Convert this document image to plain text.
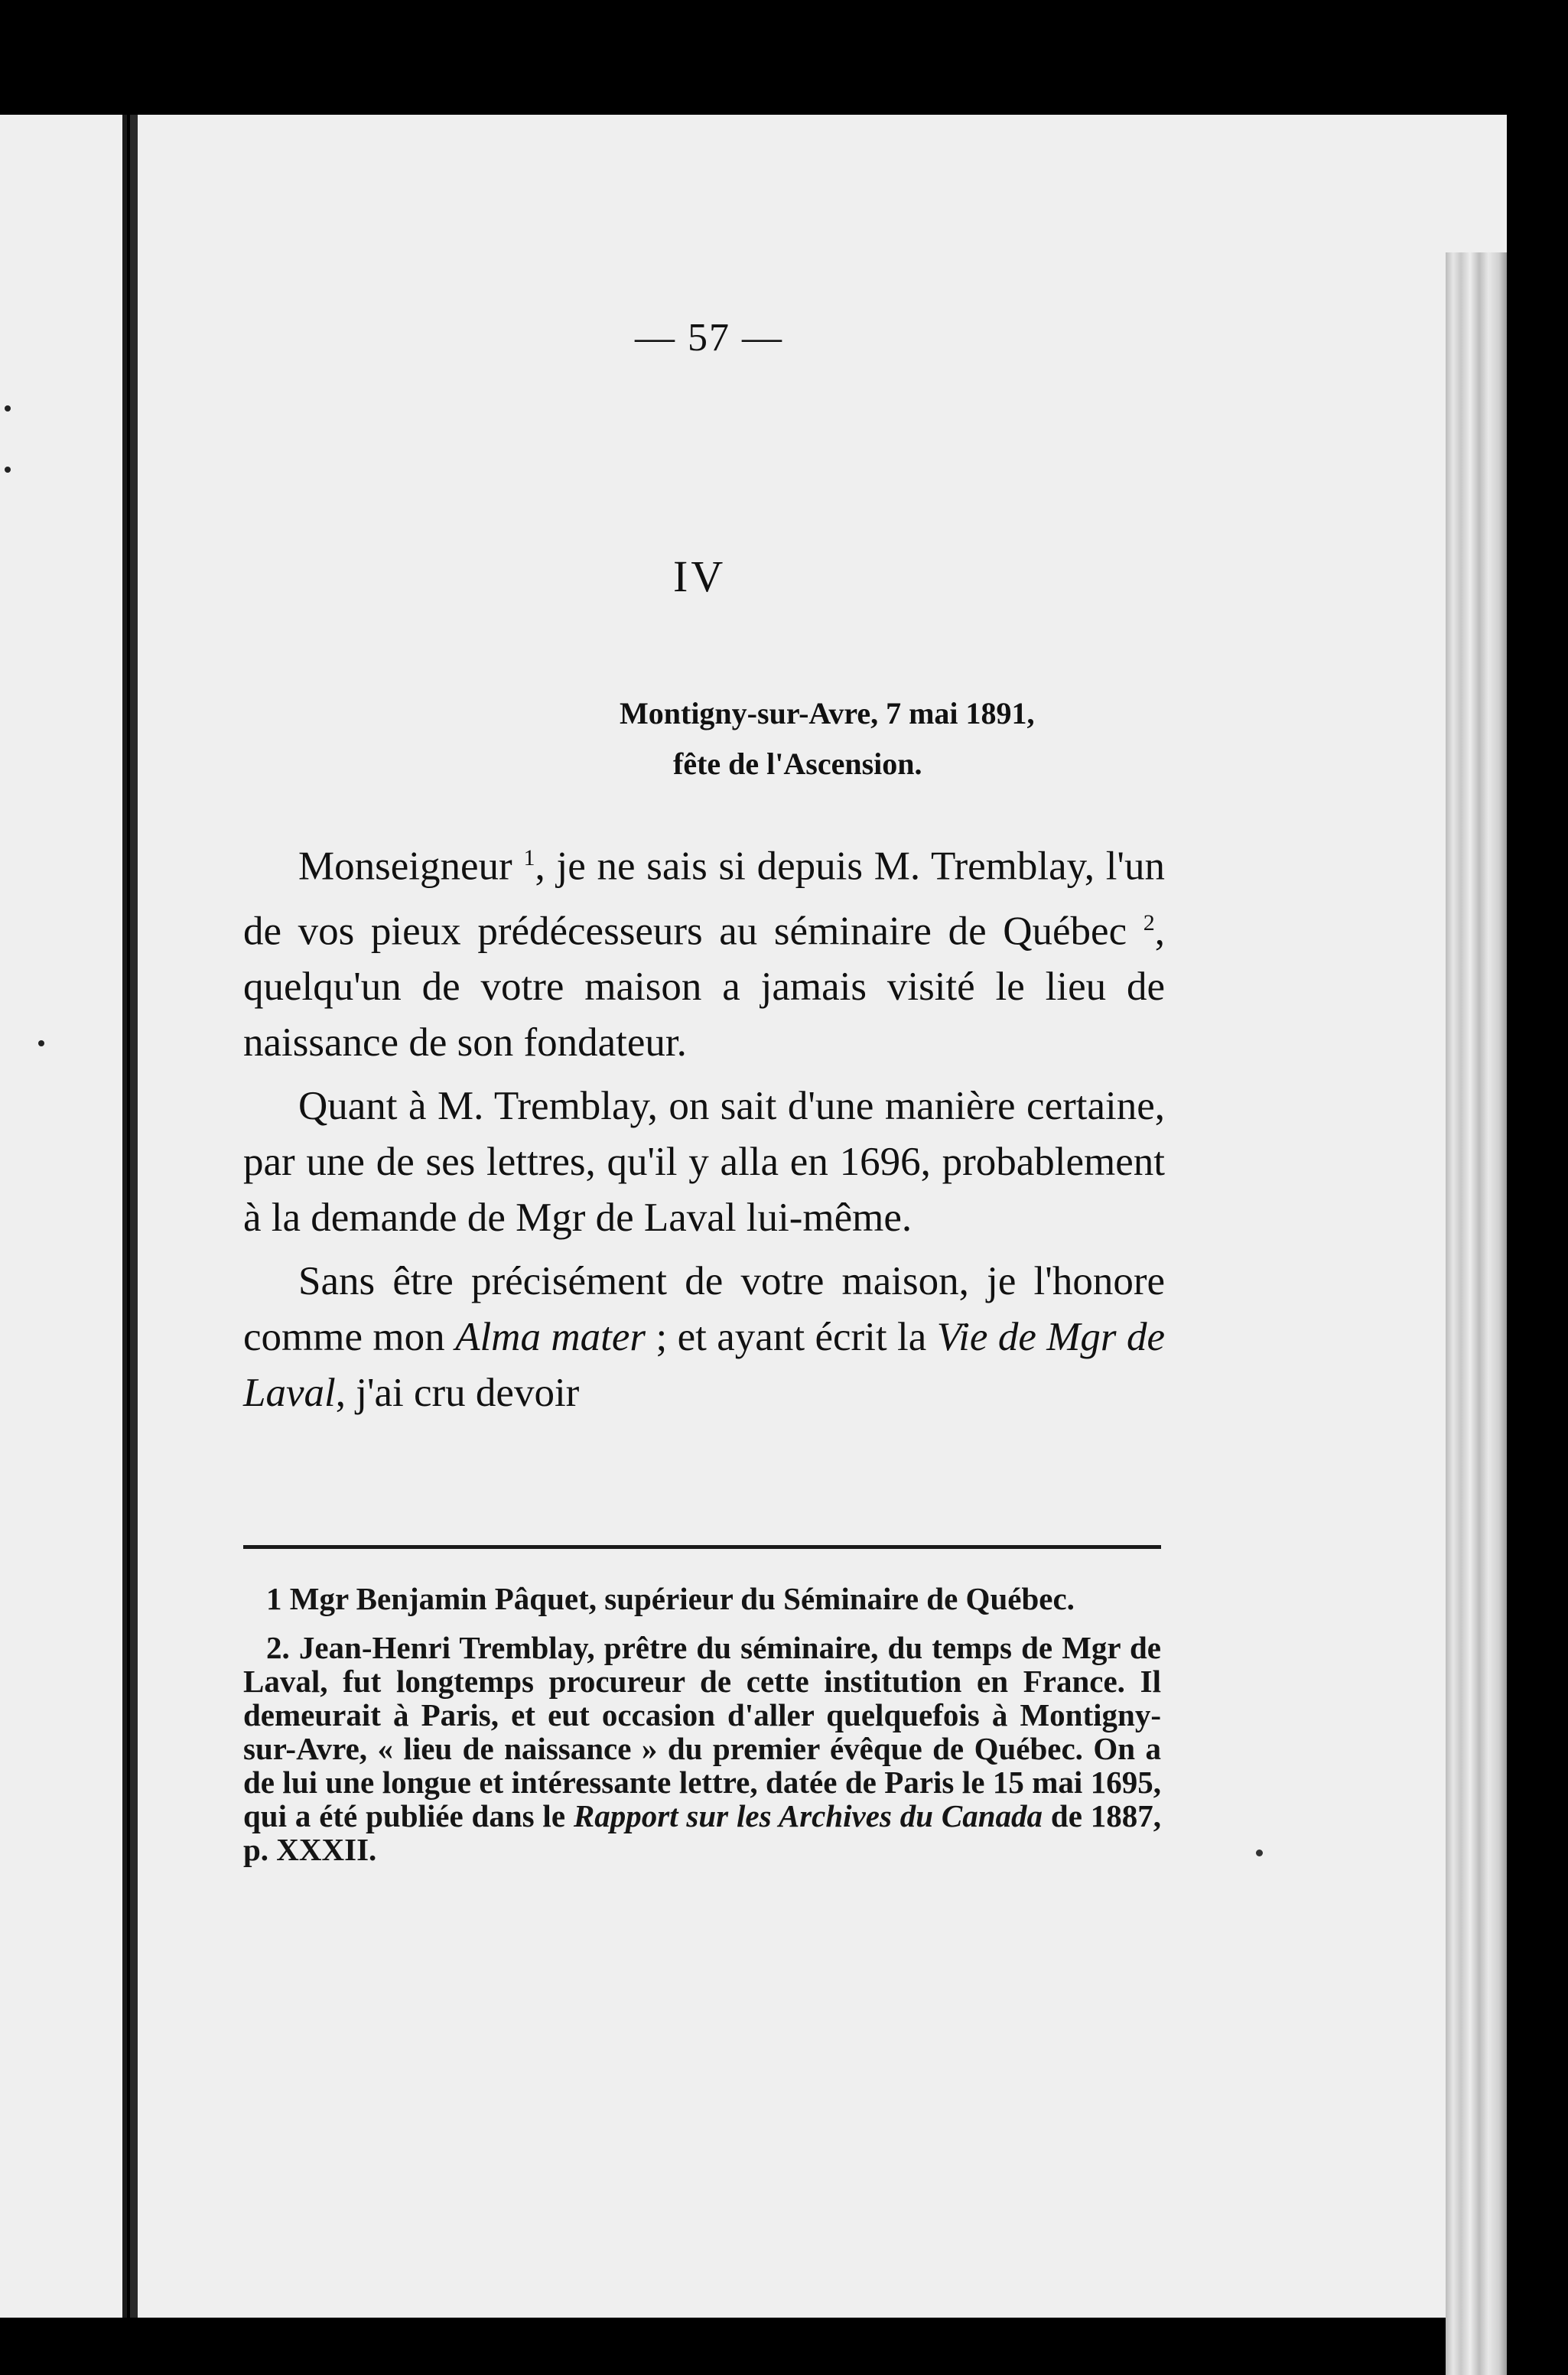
— 57 —
IV
Montigny-sur-Avre, 7 mai 1891,
fête de l'Ascension.

Monseigneur $^1$, je ne sais si depuis M. Tremblay, l'un de vos pieux prédécesseurs au séminaire de Québec $^2$, quelqu'un de votre maison a jamais visité le lieu de naissance de son fondateur.

Quant à M. Tremblay, on sait d'une manière certaine, par une de ses lettres, qu'il y alla en 1696, probablement à la demande de Mgr de Laval lui-même.

Sans être précisément de votre maison, je l'honore comme mon Alma mater ; et ayant écrit la Vie de Mgr de Laval, j'ai cru devoir

1 Mgr Benjamin Pâquet, supérieur du Séminaire de Québec.

2. Jean-Henri Tremblay, prêtre du séminaire, du temps de Mgr de Laval, fut longtemps procureur de cette institution en France. Il demeurait à Paris, et eut occasion d'aller quelquefois à Montigny-sur-Avre, « lieu de naissance » du premier évêque de Québec. On a de lui une longue et intéressante lettre, datée de Paris le 15 mai 1695, qui a été publiée dans le Rapport sur les Archives du Canada de 1887, p. XXXII.
